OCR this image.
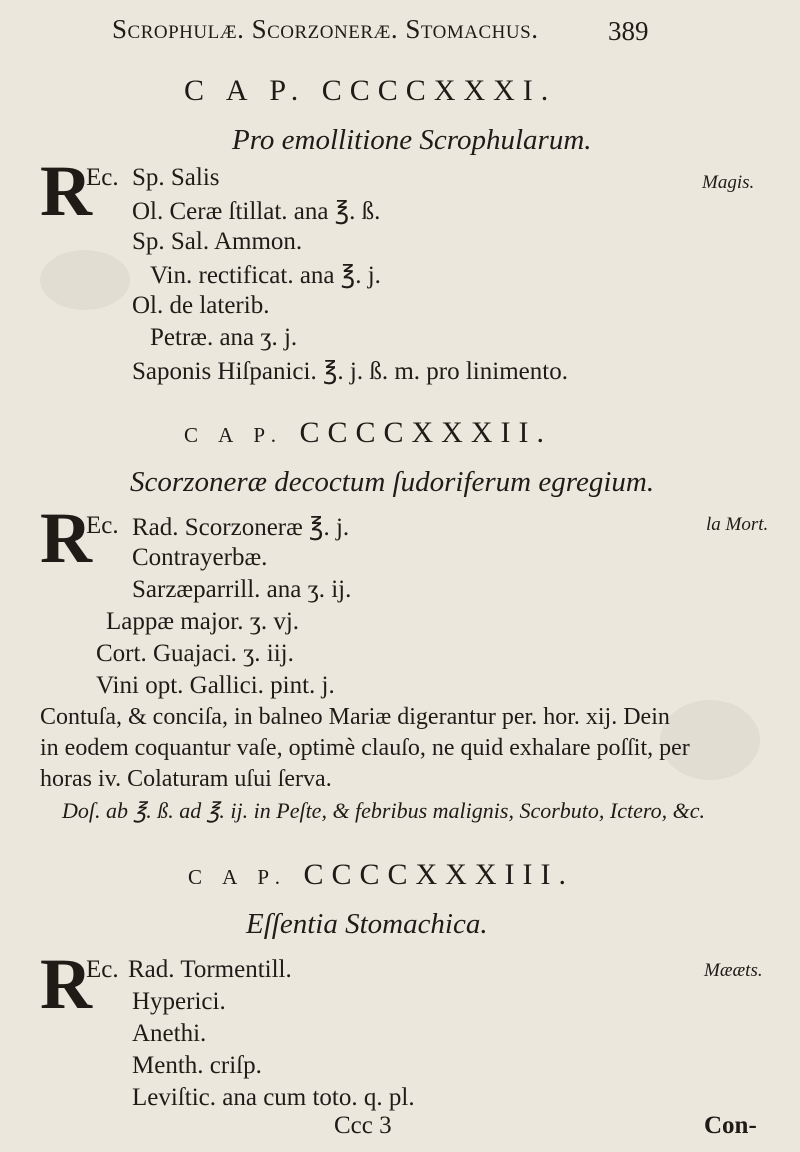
Scrophulæ. Scorzoneræ. Stomachus.	389
C A P. CCCCXXXI.
Pro emollitione Scrophularum.
R
Ec.	Magis.
Sp. Salis
Ol. Ceræ ſtillat. ana ℥. ß.
Sp. Sal. Ammon.
Vin. rectificat. ana ℥. j.
Ol. de laterib.
Petræ. ana ʒ. j.
Saponis Hiſpanici. ℥. j. ß. m. pro linimento.
C A P. CCCCXXXII.
Scorzoneræ decoctum ſudoriferum egregium.
R
Ec.	la Mort.
Rad. Scorzoneræ ℥. j.
Contrayerbæ.
Sarzæparrill. ana ʒ. ij.
Lappæ major. ʒ. vj.
Cort. Guajaci. ʒ. iij.
Vini opt. Gallici. pint. j.
Contuſa, & conciſa, in balneo Mariæ digerantur per. hor. xij. Dein
in eodem coquantur vaſe, optimè clauſo, ne quid exhalare poſſit, per
horas iv. Colaturam uſui ſerva.
Doſ. ab ℥. ß. ad ℥. ij. in Peſte, & febribus malignis, Scorbuto, Ictero, &c.
C A P. CCCCXXXIII.
Eſſentia Stomachica.
R
Ec.	Mææts.
Rad. Tormentill.
Hyperici.
Anethi.
Menth. criſp.
Leviſtic. ana cum toto. q. pl.
Ccc 3	Con-
